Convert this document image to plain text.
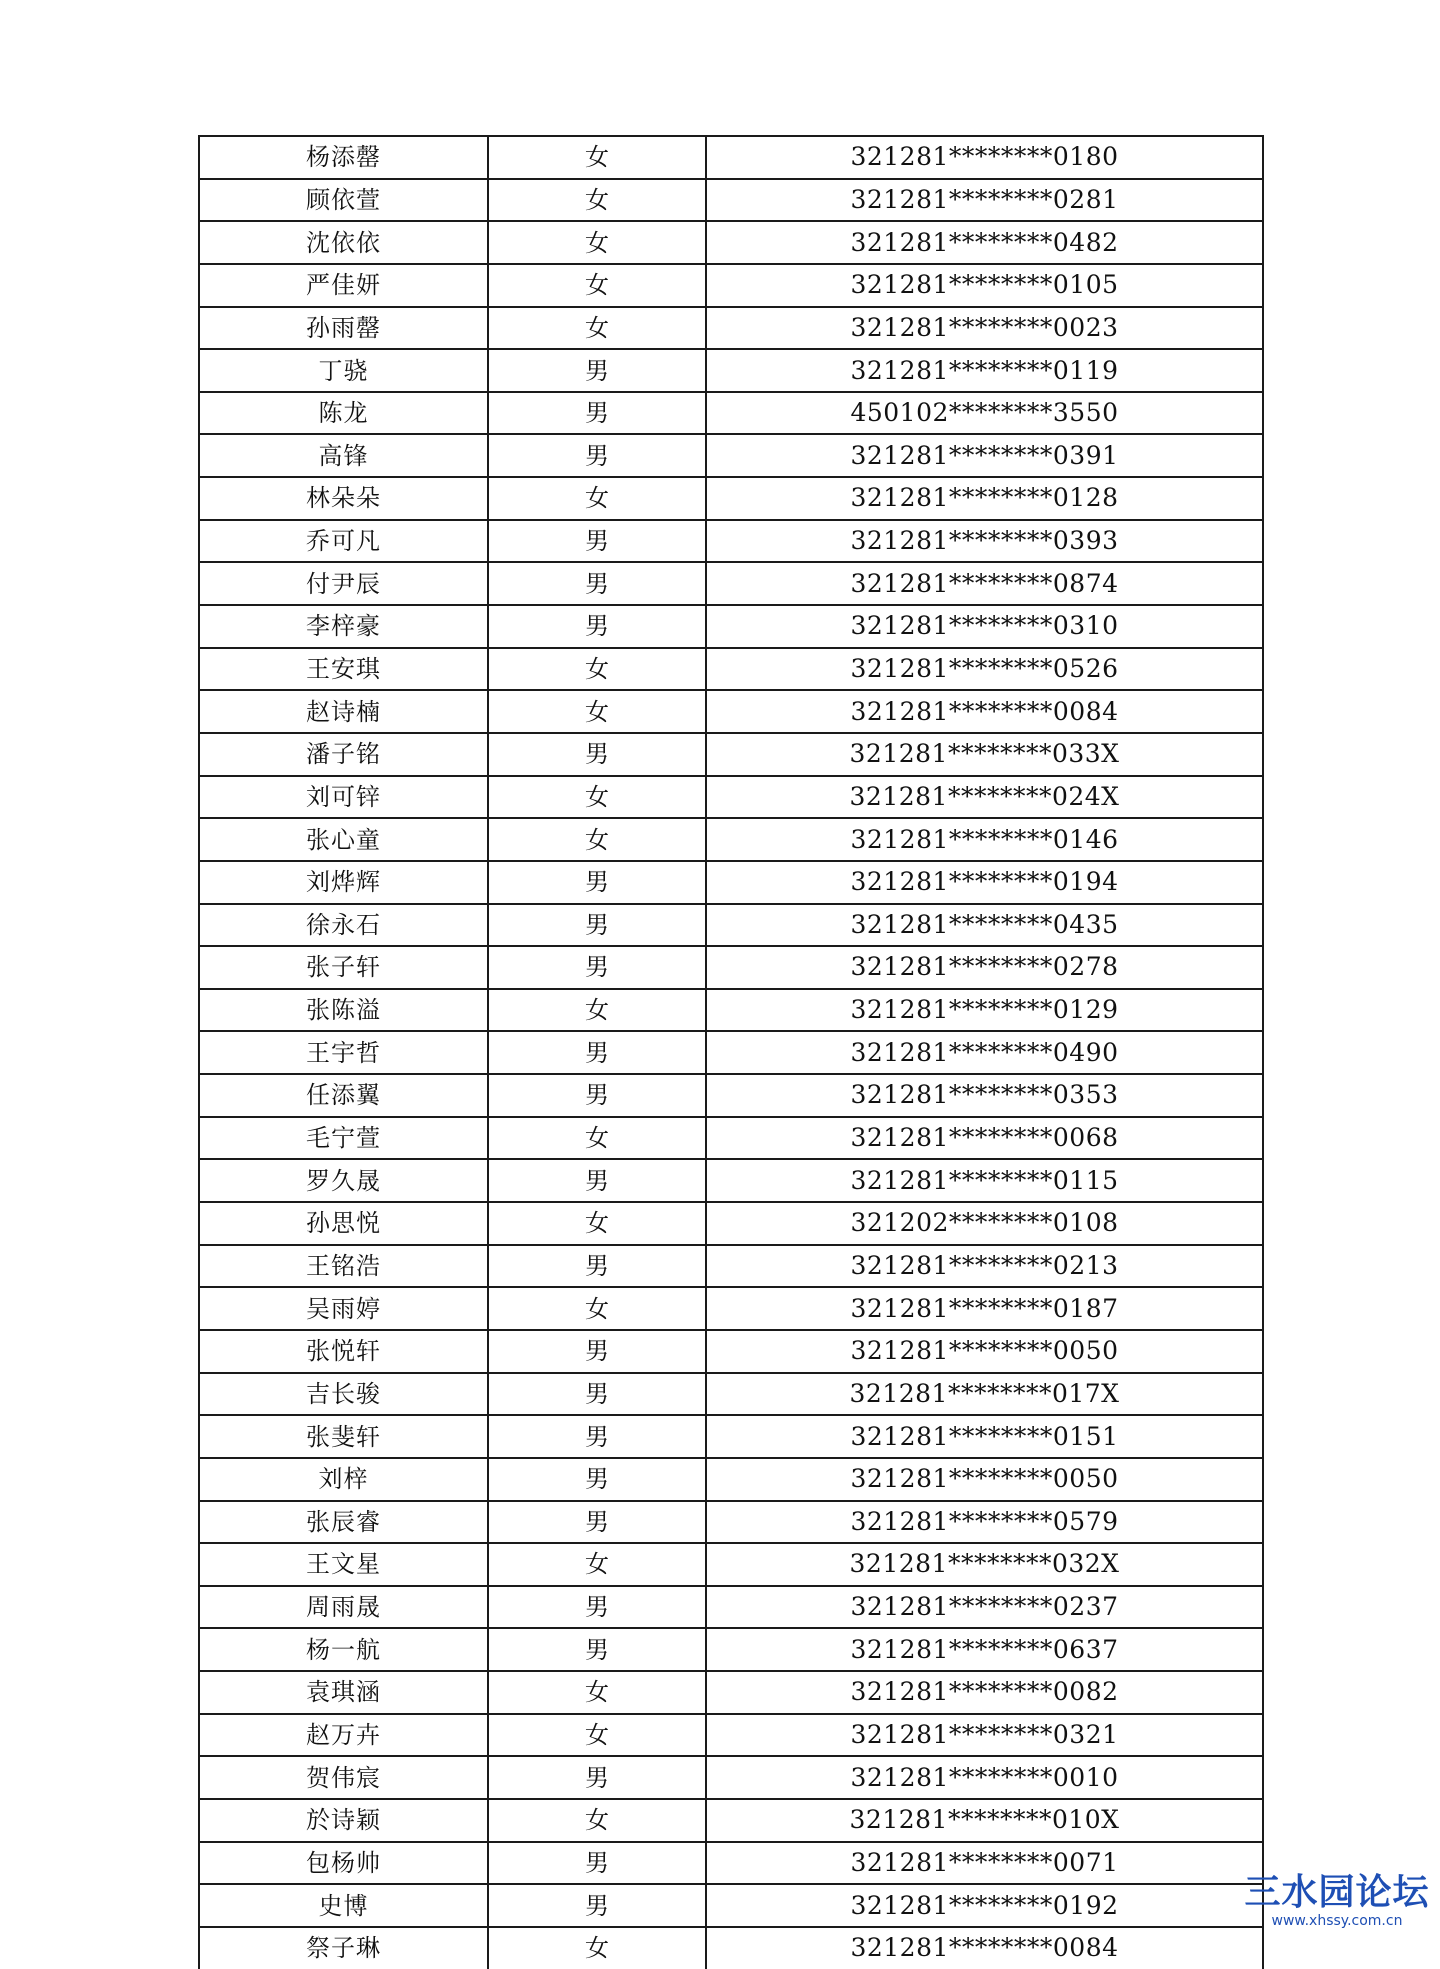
杨添罄	女	321281********0180
顾依萱	女	321281********0281
沈依依	女	321281********0482
严佳妍	女	321281********0105
孙雨罄	女	321281********0023
丁骁	男	321281********0119
陈龙	男	450102********3550
高锋	男	321281********0391
林朵朵	女	321281********0128
乔可凡	男	321281********0393
付尹辰	男	321281********0874
李梓豪	男	321281********0310
王安琪	女	321281********0526
赵诗楠	女	321281********0084
潘子铭	男	321281********033X
刘可锌	女	321281********024X
张心童	女	321281********0146
刘烨辉	男	321281********0194
徐永石	男	321281********0435
张子轩	男	321281********0278
张陈溢	女	321281********0129
王宇哲	男	321281********0490
任添翼	男	321281********0353
毛宁萱	女	321281********0068
罗久晟	男	321281********0115
孙思悦	女	321202********0108
王铭浩	男	321281********0213
吴雨婷	女	321281********0187
张悦轩	男	321281********0050
吉长骏	男	321281********017X
张斐轩	男	321281********0151
刘梓	男	321281********0050
张辰睿	男	321281********0579
王文星	女	321281********032X
周雨晟	男	321281********0237
杨一航	男	321281********0637
袁琪涵	女	321281********0082
赵万卉	女	321281********0321
贺伟宸	男	321281********0010
於诗颖	女	321281********010X
包杨帅	男	321281********0071
史博	男	321281********0192
祭子琳	女	321281********0084
三水园论坛
www.xhssy.com.cn
